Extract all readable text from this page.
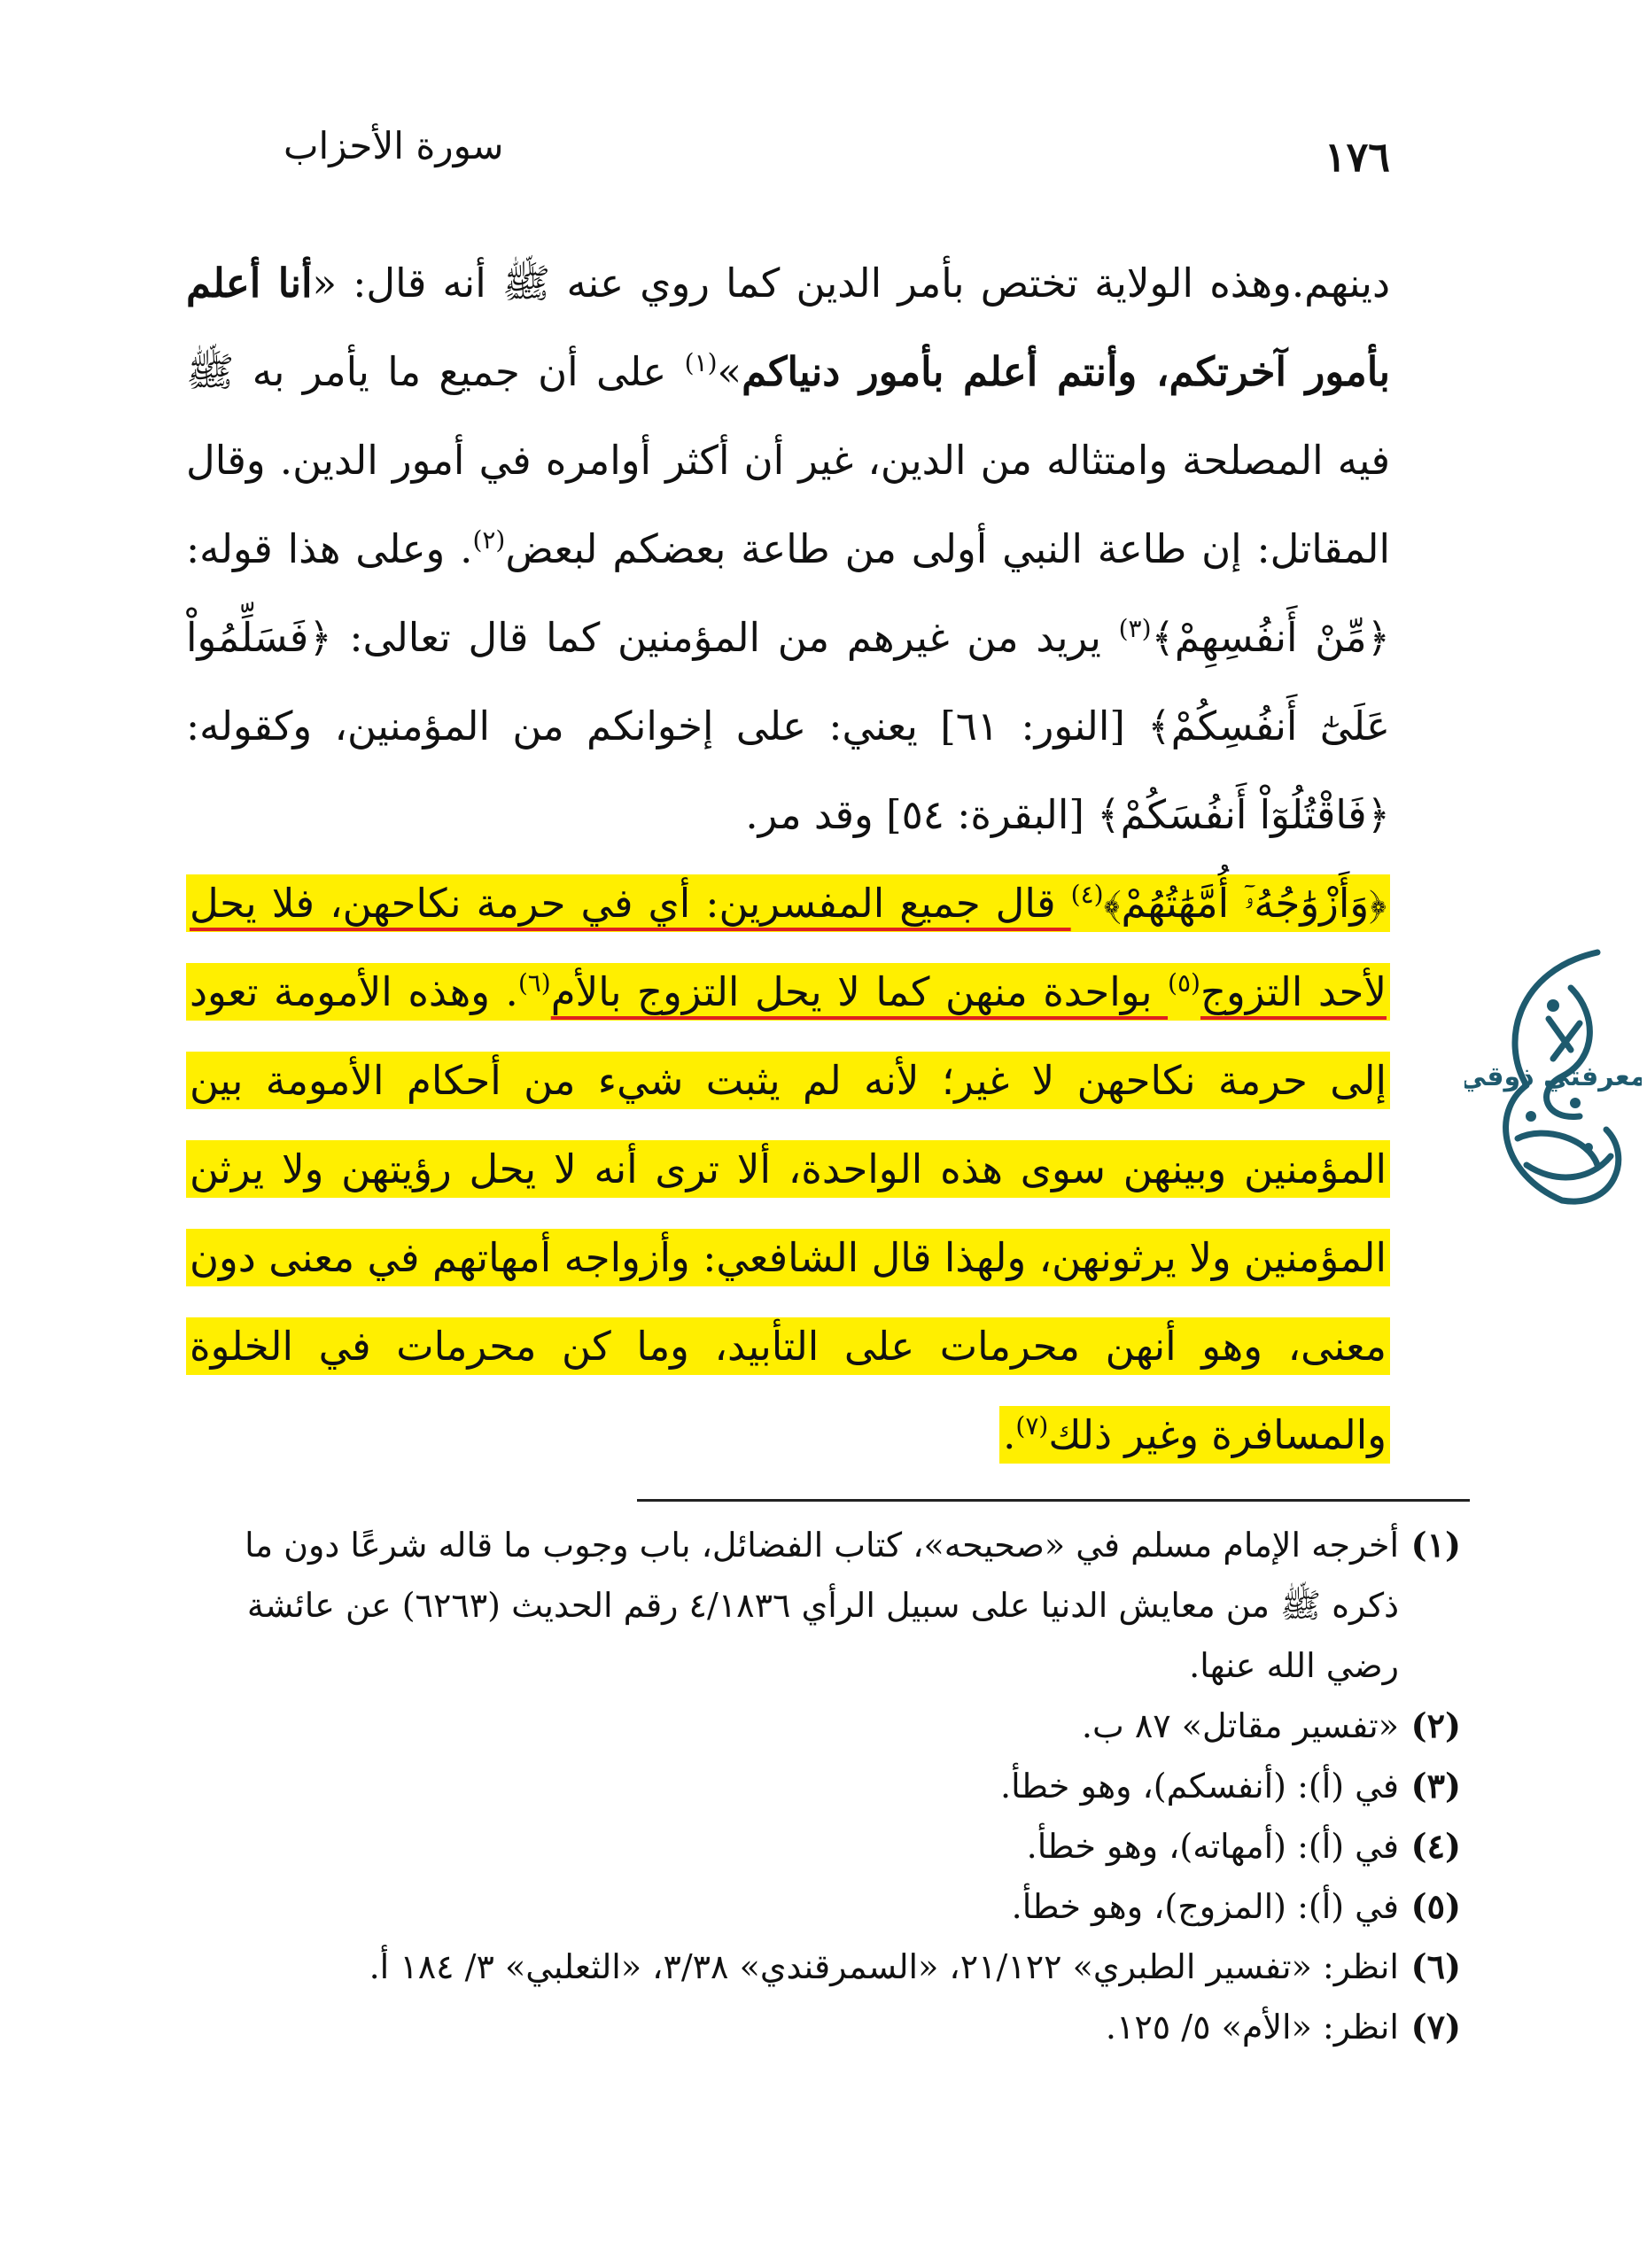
١٧٦
سورة الأحزاب

دينهم.وهذه الولاية تختص بأمر الدين كما روي عنه ﷺ أنه قال: «أنا أعلم بأمور آخرتكم، وأنتم أعلم بأمور دنياكم»$^{(١)}$ على أن جميع ما يأمر به ﷺ فيه المصلحة وامتثاله من الدين، غير أن أكثر أوامره في أمور الدين. وقال المقاتل: إن طاعة النبي أولى من طاعة بعضكم لبعض$^{(٢)}$. وعلى هذا قوله: ﴿مِّنْ أَنفُسِهِمْ﴾$^{(٣)}$ يريد من غيرهم من المؤمنين كما قال تعالى: ﴿فَسَلِّمُواْ عَلَىٰٓ أَنفُسِكُمْ﴾ [النور: ٦١] يعني: على إخوانكم من المؤمنين، وكقوله: ﴿فَاقْتُلُوٓاْ أَنفُسَكُمْ﴾ [البقرة: ٥٤] وقد مر.

﴿وَأَزْوَٰجُهُۥٓ أُمَّهَٰتُهُمْ﴾$^{(٤)}$ قال جميع المفسرين: أي في حرمة نكاحهن، فلا يحل لأحد التزوج$^{(٥)}$ بواحدة منهن كما لا يحل التزوج بالأم$^{(٦)}$. وهذه الأمومة تعود إلى حرمة نكاحهن لا غير؛ لأنه لم يثبت شيء من أحكام الأمومة بين المؤمنين وبينهن سوى هذه الواحدة، ألا ترى أنه لا يحل رؤيتهن ولا يرثن المؤمنين ولا يرثونهن، ولهذا قال الشافعي: وأزواجه أمهاتهم في معنى دون معنى، وهو أنهن محرمات على التأبيد، وما كن محرمات في الخلوة والمسافرة وغير ذلك$^{(٧)}$.

(١)
أخرجه الإمام مسلم في «صحيحه»، كتاب الفضائل، باب وجوب ما قاله شرعًا دون ما ذكره ﷺ من معايش الدنيا على سبيل الرأي ٤/١٨٣٦ رقم الحديث (٦٢٦٣) عن عائشة رضي الله عنها.
(٢)
«تفسير مقاتل» ٨٧ ب.
(٣)
في (أ): (أنفسكم)، وهو خطأ.
(٤)
في (أ): (أمهاته)، وهو خطأ.
(٥)
في (أ): (المزوج)، وهو خطأ.
(٦)
انظر: «تفسير الطبري» ٢١/١٢٢، «السمرقندي» ٣/٣٨، «الثعلبي» ٣/ ١٨٤ أ.
(٧)
انظر: «الأم» ٥/ ١٢٥.
معرفتي ذوقي
